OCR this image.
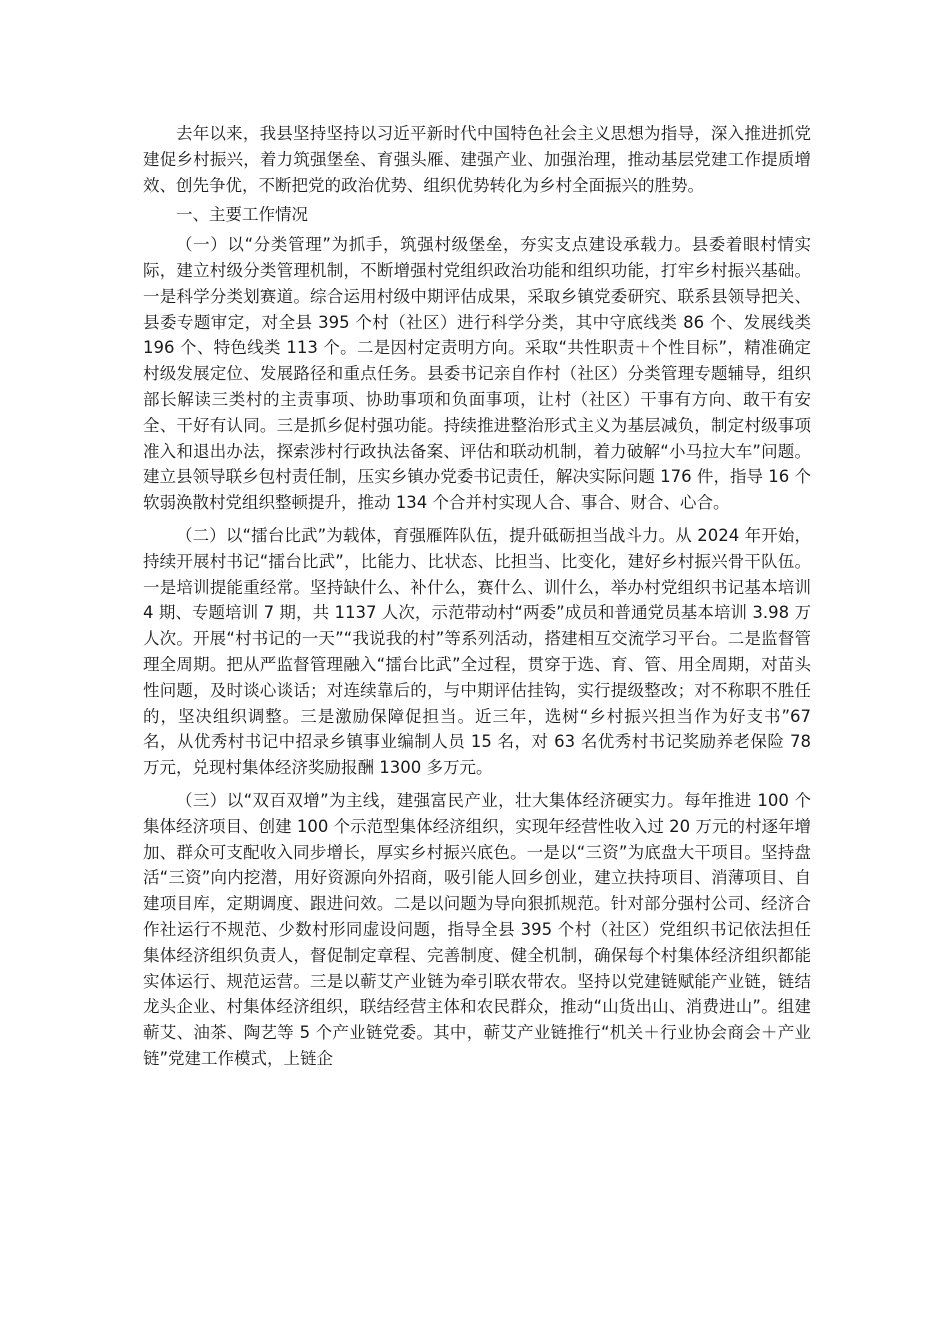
去年以来，我县坚持坚持以习近平新时代中国特色社会主义思想为指导，深入推进抓党建促乡村振兴，着力筑强堡垒、育强头雁、建强产业、加强治理，推动基层党建工作提质增效、创先争优，不断把党的政治优势、组织优势转化为乡村全面振兴的胜势。

一、主要工作情况

（一）以“分类管理”为抓手，筑强村级堡垒，夯实支点建设承载力。县委着眼村情实际，建立村级分类管理机制，不断增强村党组织政治功能和组织功能，打牢乡村振兴基础。一是科学分类划赛道。综合运用村级中期评估成果，采取乡镇党委研究、联系县领导把关、县委专题审定，对全县 395 个村（社区）进行科学分类，其中守底线类 86 个、发展线类 196 个、特色线类 113 个。二是因村定责明方向。采取“共性职责＋个性目标”，精准确定村级发展定位、发展路径和重点任务。县委书记亲自作村（社区）分类管理专题辅导，组织部长解读三类村的主责事项、协助事项和负面事项，让村（社区）干事有方向、敢干有安全、干好有认同。三是抓乡促村强功能。持续推进整治形式主义为基层减负，制定村级事项准入和退出办法，探索涉村行政执法备案、评估和联动机制，着力破解“小马拉大车”问题。建立县领导联乡包村责任制，压实乡镇办党委书记责任，解决实际问题 176 件，指导 16 个软弱涣散村党组织整顿提升，推动 134 个合并村实现人合、事合、财合、心合。

（二）以“擂台比武”为载体，育强雁阵队伍，提升砥砺担当战斗力。从 2024 年开始，持续开展村书记“擂台比武”，比能力、比状态、比担当、比变化，建好乡村振兴骨干队伍。一是培训提能重经常。坚持缺什么、补什么，赛什么、训什么，举办村党组织书记基本培训 4 期、专题培训 7 期，共 1137 人次，示范带动村“两委”成员和普通党员基本培训 3.98 万人次。开展“村书记的一天”“我说我的村”等系列活动，搭建相互交流学习平台。二是监督管理全周期。把从严监督管理融入“擂台比武”全过程，贯穿于选、育、管、用全周期，对苗头性问题，及时谈心谈话；对连续靠后的，与中期评估挂钩，实行提级整改；对不称职不胜任的，坚决组织调整。三是激励保障促担当。近三年，选树“乡村振兴担当作为好支书”67 名，从优秀村书记中招录乡镇事业编制人员 15 名，对 63 名优秀村书记奖励养老保险 78 万元，兑现村集体经济奖励报酬 1300 多万元。

（三）以“双百双增”为主线，建强富民产业，壮大集体经济硬实力。每年推进 100 个集体经济项目、创建 100 个示范型集体经济组织，实现年经营性收入过 20 万元的村逐年增加、群众可支配收入同步增长，厚实乡村振兴底色。一是以“三资”为底盘大干项目。坚持盘活“三资”向内挖潜，用好资源向外招商，吸引能人回乡创业，建立扶持项目、消薄项目、自建项目库，定期调度、跟进问效。二是以问题为导向狠抓规范。针对部分强村公司、经济合作社运行不规范、少数村形同虚设问题，指导全县 395 个村（社区）党组织书记依法担任集体经济组织负责人，督促制定章程、完善制度、健全机制，确保每个村集体经济组织都能实体运行、规范运营。三是以蕲艾产业链为牵引联农带农。坚持以党建链赋能产业链，链结龙头企业、村集体经济组织，联结经营主体和农民群众，推动“山货出山、消费进山”。组建蕲艾、油茶、陶艺等 5 个产业链党委。其中，蕲艾产业链推行“机关＋行业协会商会＋产业链”党建工作模式，上链企
